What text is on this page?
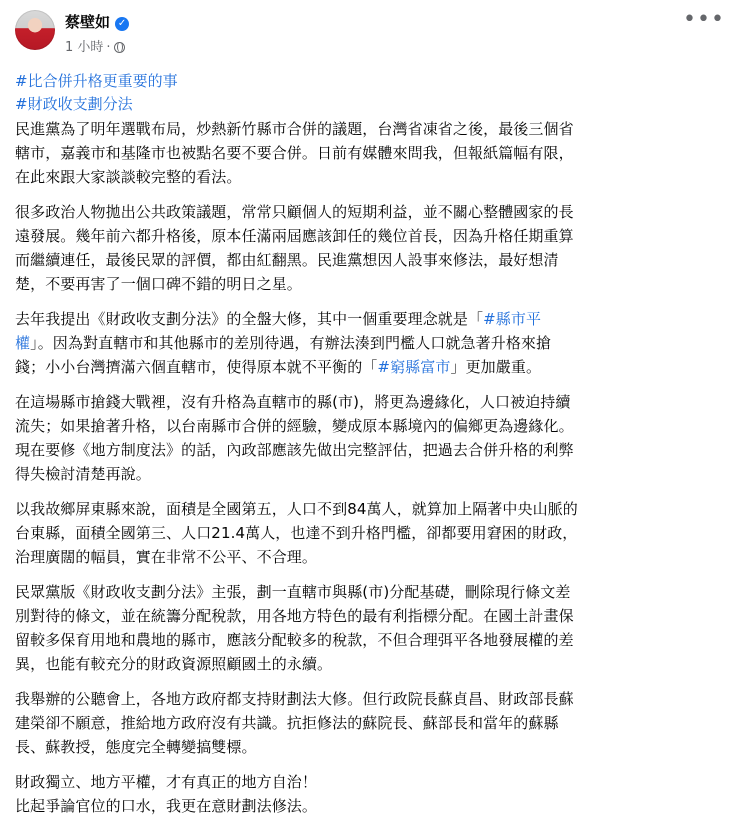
蔡壁如 ✓
1 小時 ·
•••
#比合併升格更重要的事
#財政收支劃分法

民進黨為了明年選戰布局，炒熱新竹縣市合併的議題，台灣省凍省之後，最後三個省
轄市，嘉義市和基隆市也被點名要不要合併。日前有媒體來問我，但報紙篇幅有限，
在此來跟大家談談較完整的看法。

很多政治人物拋出公共政策議題，常常只顧個人的短期利益，並不關心整體國家的長
遠發展。幾年前六都升格後，原本任滿兩屆應該卸任的幾位首長，因為升格任期重算
而繼續連任，最後民眾的評價，都由紅翻黑。民進黨想因人設事來修法，最好想清
楚，不要再害了一個口碑不錯的明日之星。

去年我提出《財政收支劃分法》的全盤大修，其中一個重要理念就是「#縣市平
權」。因為對直轄市和其他縣市的差別待遇，有辦法湊到門檻人口就急著升格來搶
錢；小小台灣擠滿六個直轄市，使得原本就不平衡的「#窮縣富市」更加嚴重。

在這場縣市搶錢大戰裡，沒有升格為直轄市的縣(市)，將更為邊緣化，人口被迫持續
流失；如果搶著升格，以台南縣市合併的經驗，變成原本縣境內的偏鄉更為邊緣化。
現在要修《地方制度法》的話，內政部應該先做出完整評估，把過去合併升格的利弊
得失檢討清楚再說。

以我故鄉屏東縣來說，面積是全國第五，人口不到84萬人，就算加上隔著中央山脈的
台東縣，面積全國第三、人口21.4萬人，也達不到升格門檻，卻都要用窘困的財政，
治理廣闊的幅員，實在非常不公平、不合理。

民眾黨版《財政收支劃分法》主張，劃一直轄市與縣(市)分配基礎，刪除現行條文差
別對待的條文，並在統籌分配稅款，用各地方特色的最有利指標分配。在國土計畫保
留較多保育用地和農地的縣市，應該分配較多的稅款，不但合理弭平各地發展權的差
異，也能有較充分的財政資源照顧國土的永續。

我舉辦的公聽會上，各地方政府都支持財劃法大修。但行政院長蘇貞昌、財政部長蘇
建榮卻不願意，推給地方政府沒有共識。抗拒修法的蘇院長、蘇部長和當年的蘇縣
長、蘇教授，態度完全轉變搞雙標。

財政獨立、地方平權，才有真正的地方自治！
比起爭論官位的口水，我更在意財劃法修法。
